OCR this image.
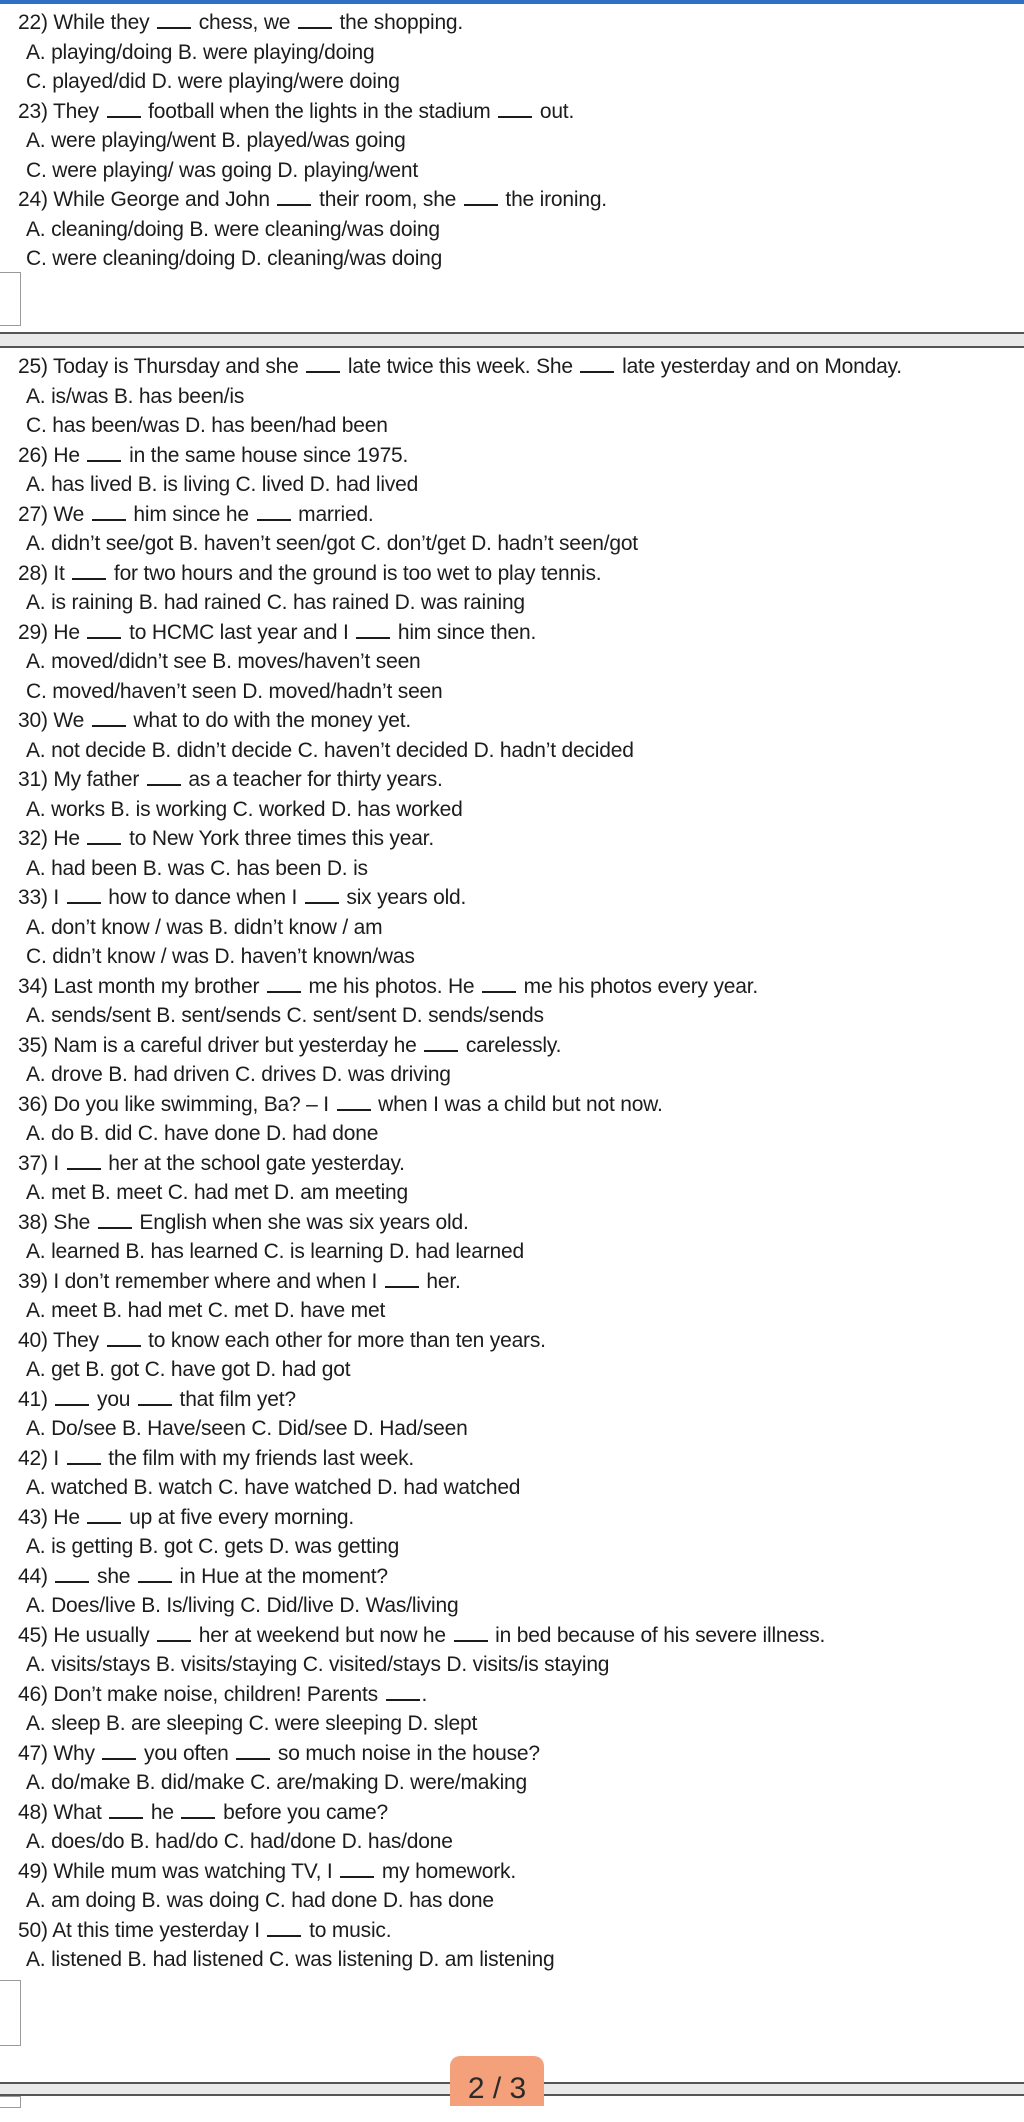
22) While they  chess, we  the shopping.
A. playing/doing B. were playing/doing
C. played/did D. were playing/were doing
23) They  football when the lights in the stadium  out.
A. were playing/went B. played/was going
C. were playing/ was going D. playing/went
24) While George and John  their room, she  the ironing.
A. cleaning/doing B. were cleaning/was doing
C. were cleaning/doing D. cleaning/was doing
25) Today is Thursday and she  late twice this week. She  late yesterday and on Monday.
A. is/was B. has been/is
C. has been/was D. has been/had been
26) He  in the same house since 1975.
A. has lived B. is living C. lived D. had lived
27) We  him since he  married.
A. didn’t see/got B. haven’t seen/got C. don’t/get D. hadn’t seen/got
28) It  for two hours and the ground is too wet to play tennis.
A. is raining B. had rained C. has rained D. was raining
29) He  to HCMC last year and I  him since then.
A. moved/didn’t see B. moves/haven’t seen
C. moved/haven’t seen D. moved/hadn’t seen
30) We  what to do with the money yet.
A. not decide B. didn’t decide C. haven’t decided D. hadn’t decided
31) My father  as a teacher for thirty years.
A. works B. is working C. worked D. has worked
32) He  to New York three times this year.
A. had been B. was C. has been D. is
33) I  how to dance when I  six years old.
A. don’t know / was B. didn’t know / am
C. didn’t know / was D. haven’t known/was
34) Last month my brother  me his photos. He  me his photos every year.
A. sends/sent B. sent/sends C. sent/sent D. sends/sends
35) Nam is a careful driver but yesterday he  carelessly.
A. drove B. had driven C. drives D. was driving
36) Do you like swimming, Ba? – I  when I was a child but not now.
A. do B. did C. have done D. had done
37) I  her at the school gate yesterday.
A. met B. meet C. had met D. am meeting
38) She  English when she was six years old.
A. learned B. has learned C. is learning D. had learned
39) I don’t remember where and when I  her.
A. meet B. had met C. met D. have met
40) They  to know each other for more than ten years.
A. get B. got C. have got D. had got
41)  you  that film yet?
A. Do/see B. Have/seen C. Did/see D. Had/seen
42) I  the film with my friends last week.
A. watched B. watch C. have watched D. had watched
43) He  up at five every morning.
A. is getting B. got C. gets D. was getting
44)  she  in Hue at the moment?
A. Does/live B. Is/living C. Did/live D. Was/living
45) He usually  her at weekend but now he  in bed because of his severe illness.
A. visits/stays B. visits/staying C. visited/stays D. visits/is staying
46) Don’t make noise, children! Parents .
A. sleep B. are sleeping C. were sleeping D. slept
47) Why  you often  so much noise in the house?
A. do/make B. did/make C. are/making D. were/making
48) What  he  before you came?
A. does/do B. had/do C. had/done D. has/done
49) While mum was watching TV, I  my homework.
A. am doing B. was doing C. had done D. has done
50) At this time yesterday I  to music.
A. listened B. had listened C. was listening D. am listening
2 / 3
